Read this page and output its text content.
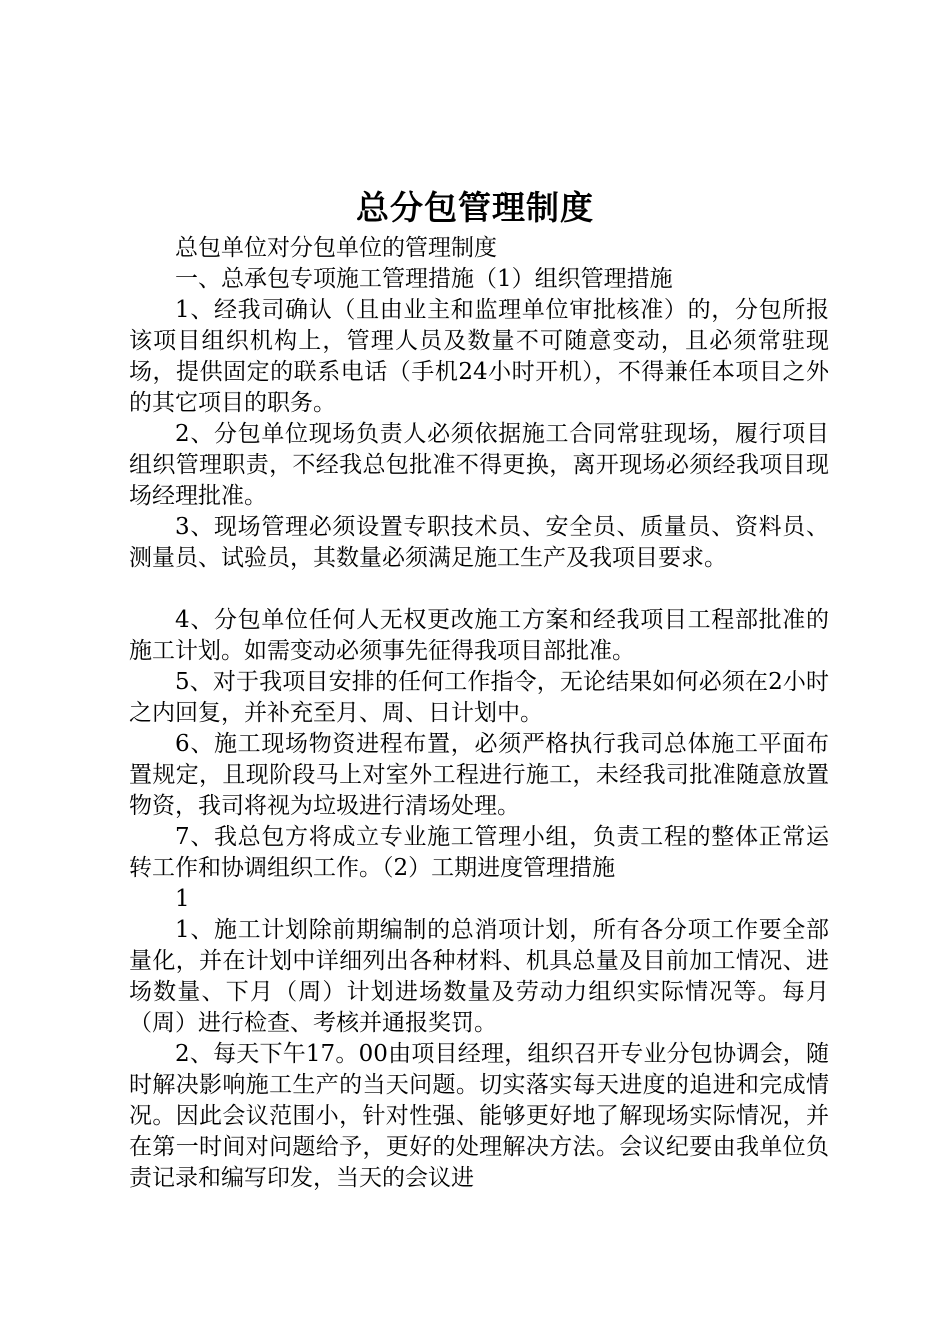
总分包管理制度

总包单位对分包单位的管理制度

一、总承包专项施工管理措施（1）组织管理措施

1、经我司确认（且由业主和监理单位审批核准）的，分包所报该项目组织机构上，管理人员及数量不可随意变动，且必须常驻现场，提供固定的联系电话（手机24小时开机），不得兼任本项目之外的其它项目的职务。

2、分包单位现场负责人必须依据施工合同常驻现场，履行项目组织管理职责，不经我总包批准不得更换，离开现场必须经我项目现场经理批准。

3、现场管理必须设置专职技术员、安全员、质量员、资料员、测量员、试验员，其数量必须满足施工生产及我项目要求。

4、分包单位任何人无权更改施工方案和经我项目工程部批准的施工计划。如需变动必须事先征得我项目部批准。

5、对于我项目安排的任何工作指令，无论结果如何必须在2小时之内回复，并补充至月、周、日计划中。

6、施工现场物资进程布置，必须严格执行我司总体施工平面布置规定，且现阶段马上对室外工程进行施工，未经我司批准随意放置物资，我司将视为垃圾进行清场处理。

7、我总包方将成立专业施工管理小组，负责工程的整体正常运转工作和协调组织工作。（2）工期进度管理措施

1

1、施工计划除前期编制的总消项计划，所有各分项工作要全部量化，并在计划中详细列出各种材料、机具总量及目前加工情况、进场数量、下月（周）计划进场数量及劳动力组织实际情况等。每月（周）进行检查、考核并通报奖罚。

2、每天下午17。00由项目经理，组织召开专业分包协调会，随时解决影响施工生产的当天问题。切实落实每天进度的追进和完成情况。因此会议范围小，针对性强、能够更好地了解现场实际情况，并在第一时间对问题给予，更好的处理解决方法。会议纪要由我单位负责记录和编写印发，当天的会议进
